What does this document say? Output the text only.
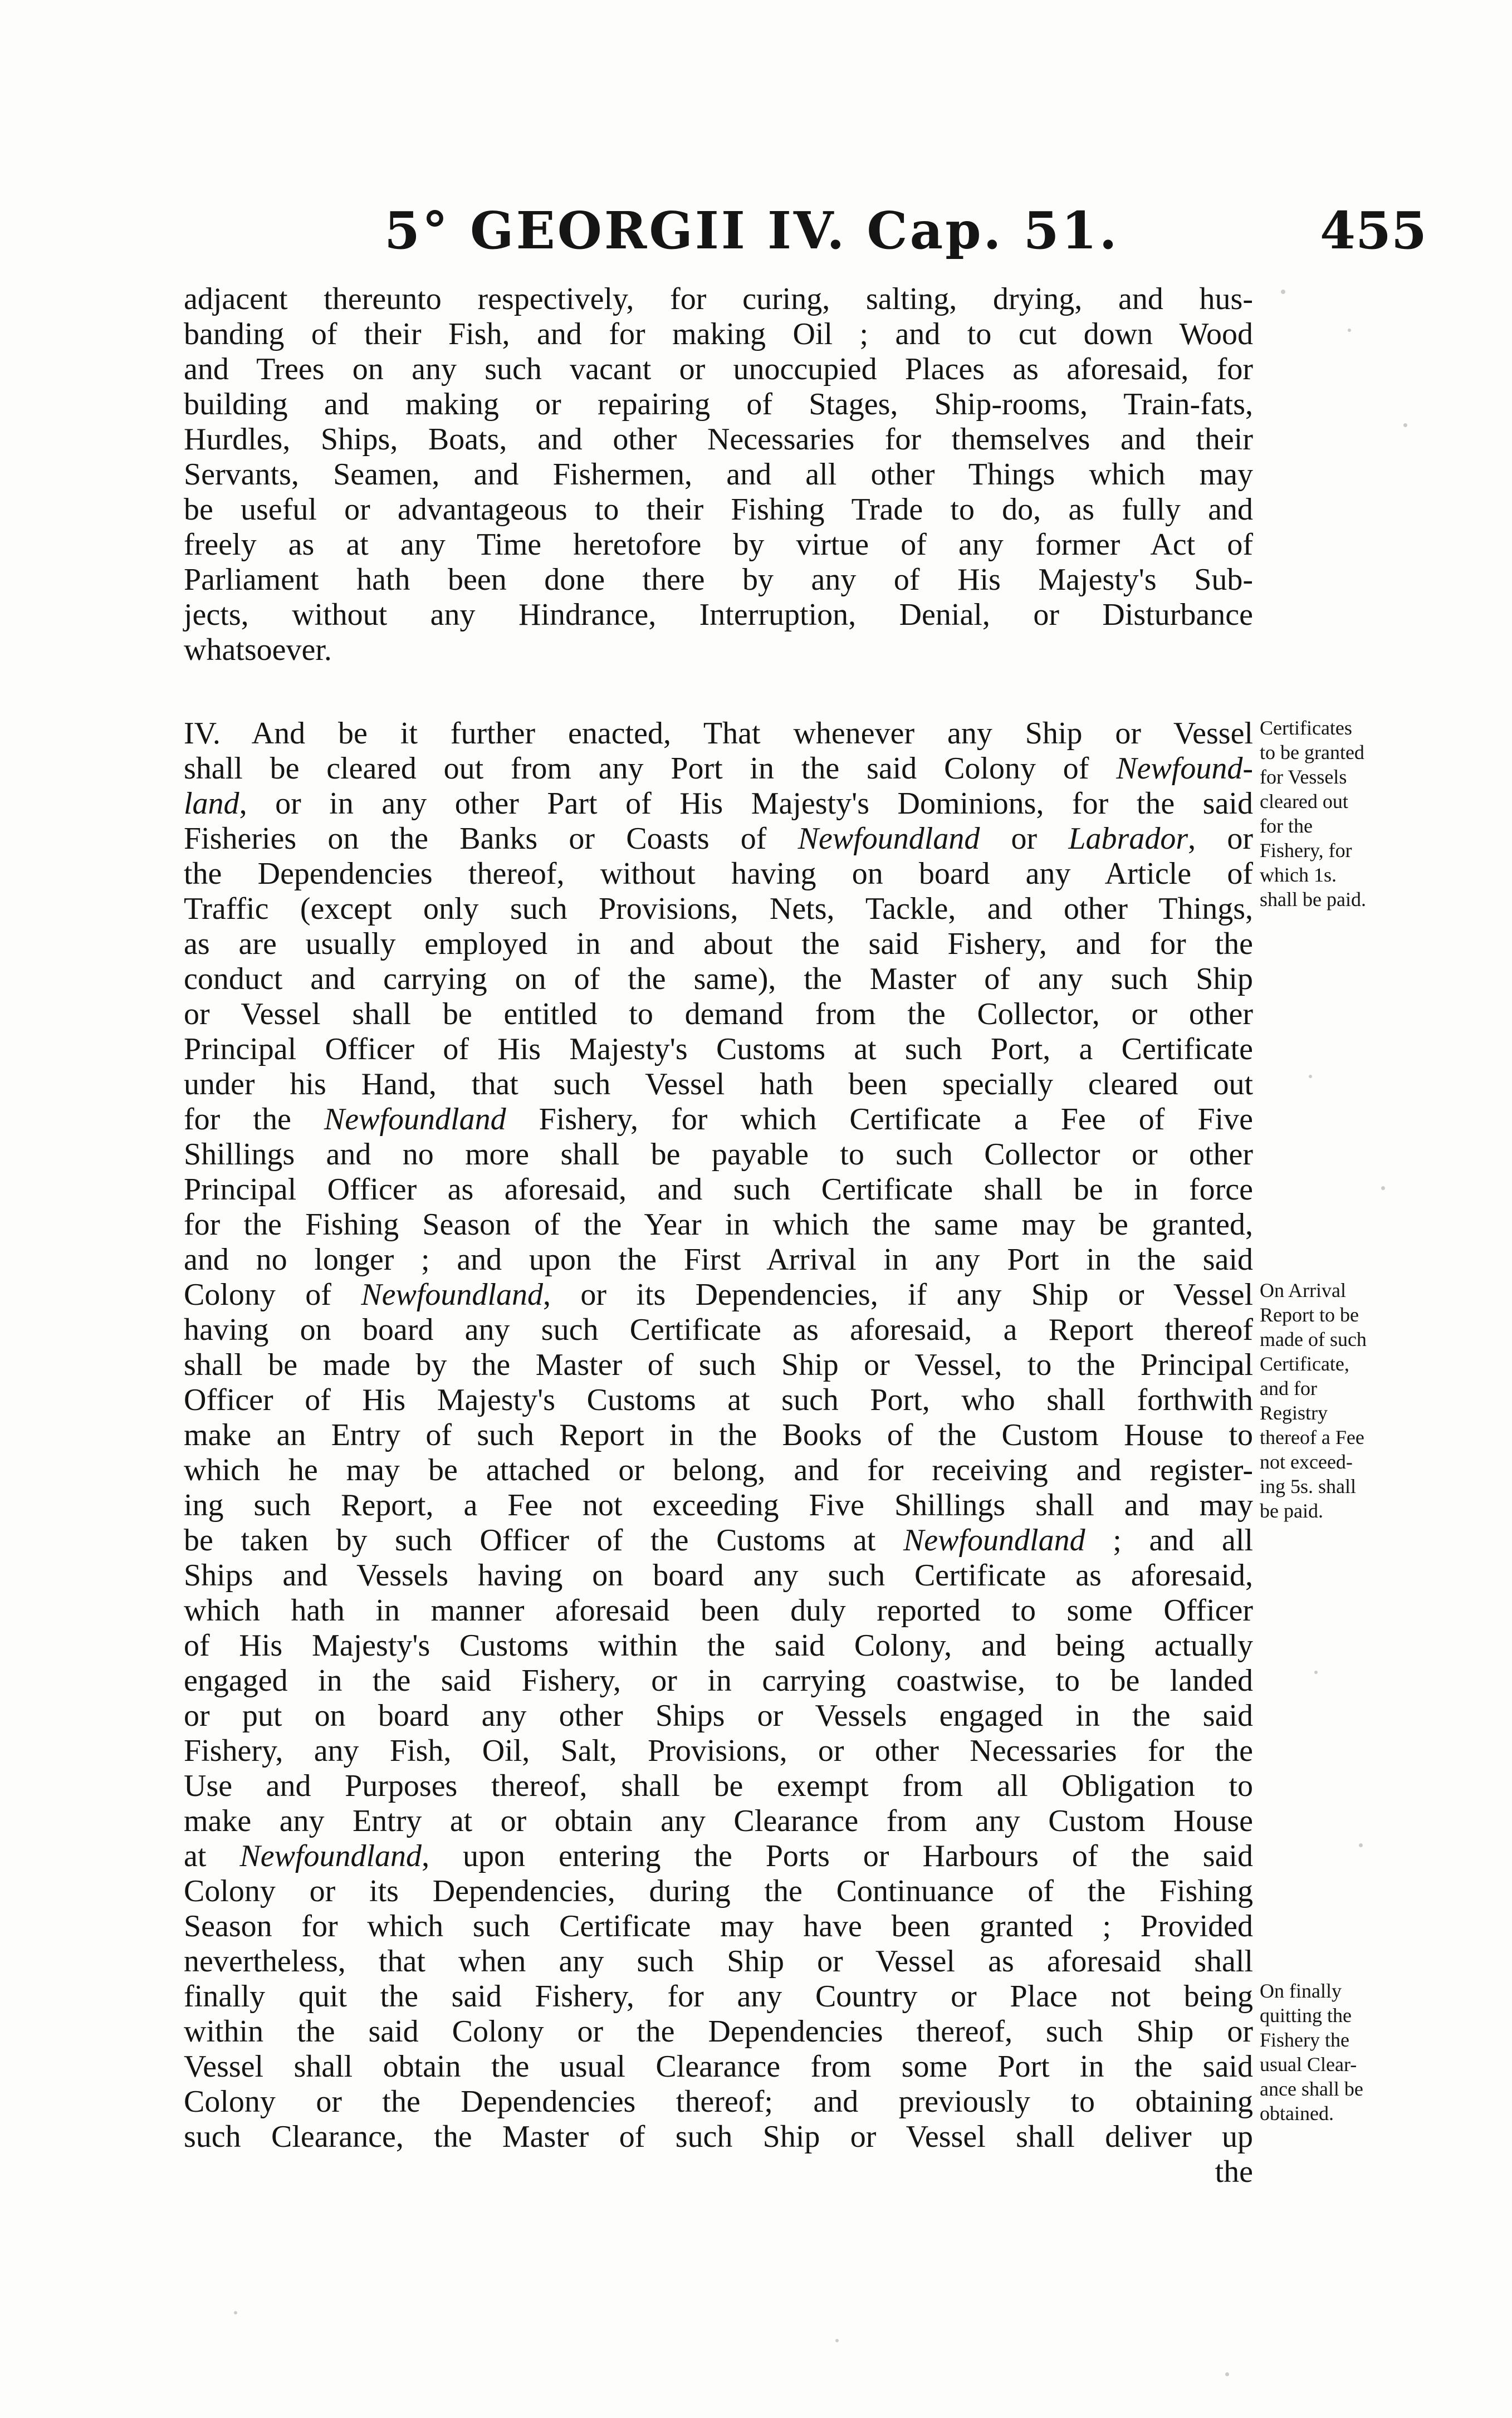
5° GEORGII IV. Cap. 51.	455
adjacent thereunto respectively, for curing, salting, drying, and hus-
banding of their Fish, and for making Oil ; and to cut down Wood
and Trees on any such vacant or unoccupied Places as aforesaid, for
building and making or repairing of Stages, Ship-rooms, Train-fats,
Hurdles, Ships, Boats, and other Necessaries for themselves and their
Servants, Seamen, and Fishermen, and all other Things which may
be useful or advantageous to their Fishing Trade to do, as fully and
freely as at any Time heretofore by virtue of any former Act of
Parliament hath been done there by any of His Majesty's Sub-
jects, without any Hindrance, Interruption, Denial, or Disturbance
whatsoever.
IV. And be it further enacted, That whenever any Ship or Vessel
shall be cleared out from any Port in the said Colony of Newfound-
land, or in any other Part of His Majesty's Dominions, for the said
Fisheries on the Banks or Coasts of Newfoundland or Labrador, or
the Dependencies thereof, without having on board any Article of
Traffic (except only such Provisions, Nets, Tackle, and other Things,
as are usually employed in and about the said Fishery, and for the
conduct and carrying on of the same), the Master of any such Ship
or Vessel shall be entitled to demand from the Collector, or other
Principal Officer of His Majesty's Customs at such Port, a Certificate
under his Hand, that such Vessel hath been specially cleared out
for the Newfoundland Fishery, for which Certificate a Fee of Five
Shillings and no more shall be payable to such Collector or other
Principal Officer as aforesaid, and such Certificate shall be in force
for the Fishing Season of the Year in which the same may be granted,
and no longer ; and upon the First Arrival in any Port in the said
Colony of Newfoundland, or its Dependencies, if any Ship or Vessel
having on board any such Certificate as aforesaid, a Report thereof
shall be made by the Master of such Ship or Vessel, to the Principal
Officer of His Majesty's Customs at such Port, who shall forthwith
make an Entry of such Report in the Books of the Custom House to
which he may be attached or belong, and for receiving and register-
ing such Report, a Fee not exceeding Five Shillings shall and may
be taken by such Officer of the Customs at Newfoundland ; and all
Ships and Vessels having on board any such Certificate as aforesaid,
which hath in manner aforesaid been duly reported to some Officer
of His Majesty's Customs within the said Colony, and being actually
engaged in the said Fishery, or in carrying coastwise, to be landed
or put on board any other Ships or Vessels engaged in the said
Fishery, any Fish, Oil, Salt, Provisions, or other Necessaries for the
Use and Purposes thereof, shall be exempt from all Obligation to
make any Entry at or obtain any Clearance from any Custom House
at Newfoundland, upon entering the Ports or Harbours of the said
Colony or its Dependencies, during the Continuance of the Fishing
Season for which such Certificate may have been granted ; Provided
nevertheless, that when any such Ship or Vessel as aforesaid shall
finally quit the said Fishery, for any Country or Place not being
within the said Colony or the Dependencies thereof, such Ship or
Vessel shall obtain the usual Clearance from some Port in the said
Colony or the Dependencies thereof; and previously to obtaining
such Clearance, the Master of such Ship or Vessel shall deliver up
the
Certificates
to be granted
for Vessels
cleared out
for the
Fishery, for
which 1s.
shall be paid.
On Arrival
Report to be
made of such
Certificate,
and for
Registry
thereof a Fee
not exceed-
ing 5s. shall
be paid.
On finally
quitting the
Fishery the
usual Clear-
ance shall be
obtained.
